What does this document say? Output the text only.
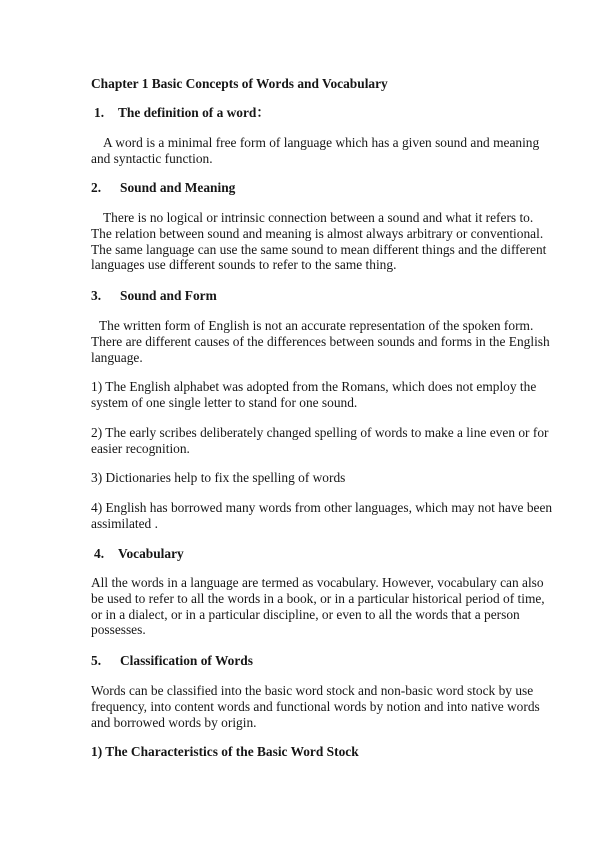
Chapter 1 Basic Concepts of Words and Vocabulary
1. The definition of a word：
A word is a minimal free form of language which has a given sound and meaning
and syntactic function.
2. Sound and Meaning
There is no logical or intrinsic connection between a sound and what it refers to.
The relation between sound and meaning is almost always arbitrary or conventional.
The same language can use the same sound to mean different things and the different
languages use different sounds to refer to the same thing.
3. Sound and Form
The written form of English is not an accurate representation of the spoken form.
There are different causes of the differences between sounds and forms in the English
language.
1) The English alphabet was adopted from the Romans, which does not employ the
system of one single letter to stand for one sound.
2) The early scribes deliberately changed spelling of words to make a line even or for
easier recognition.
3) Dictionaries help to fix the spelling of words
4) English has borrowed many words from other languages, which may not have been
assimilated .
4. Vocabulary
All the words in a language are termed as vocabulary. However, vocabulary can also
be used to refer to all the words in a book, or in a particular historical period of time,
or in a dialect, or in a particular discipline, or even to all the words that a person
possesses.
5. Classification of Words
Words can be classified into the basic word stock and non-basic word stock by use
frequency, into content words and functional words by notion and into native words
and borrowed words by origin.
1) The Characteristics of the Basic Word Stock
